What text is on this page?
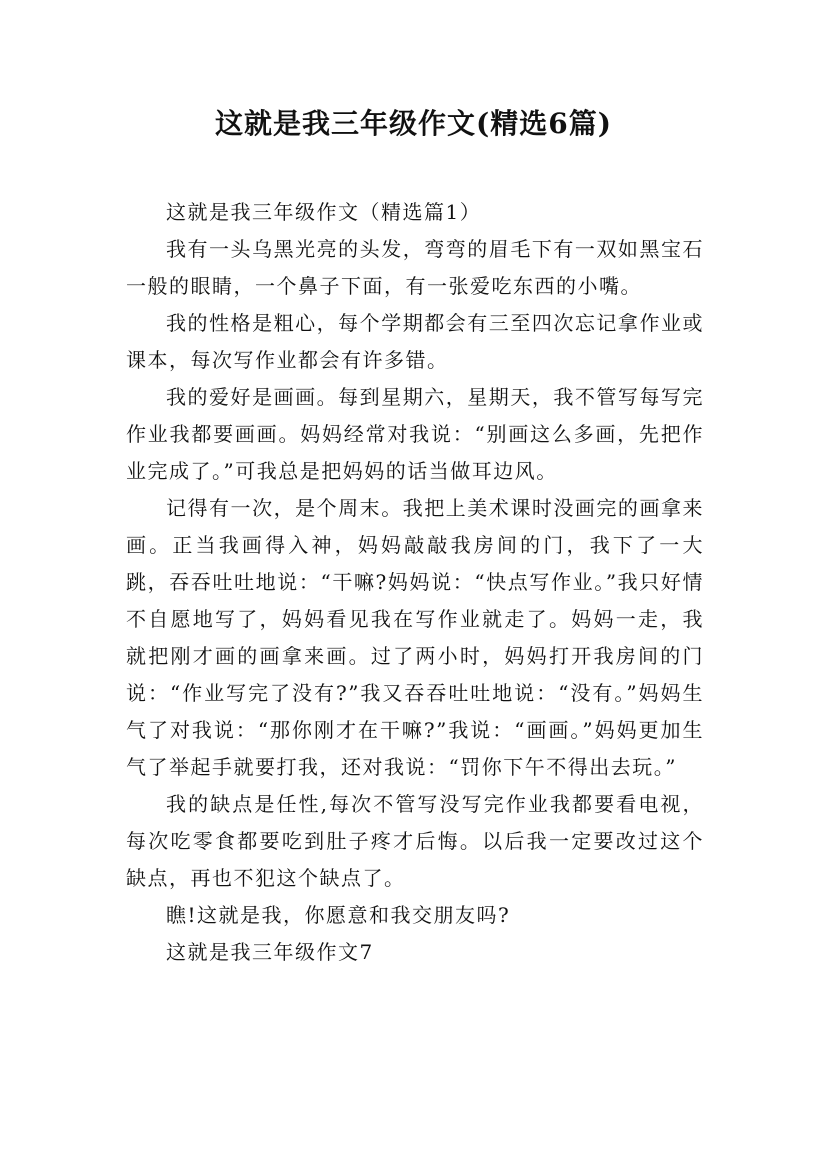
这就是我三年级作文(精选6篇)

这就是我三年级作文（精选篇1）

我有一头乌黑光亮的头发，弯弯的眉毛下有一双如黑宝石一般的眼睛，一个鼻子下面，有一张爱吃东西的小嘴。

我的性格是粗心，每个学期都会有三至四次忘记拿作业或课本，每次写作业都会有许多错。

我的爱好是画画。每到星期六，星期天，我不管写每写完作业我都要画画。妈妈经常对我说：“别画这么多画，先把作业完成了。”可我总是把妈妈的话当做耳边风。

记得有一次，是个周末。我把上美术课时没画完的画拿来画。正当我画得入神，妈妈敲敲我房间的门，我下了一大跳，吞吞吐吐地说：“干嘛?妈妈说：“快点写作业。”我只好情不自愿地写了，妈妈看见我在写作业就走了。妈妈一走，我就把刚才画的画拿来画。过了两小时，妈妈打开我房间的门说：“作业写完了没有?”我又吞吞吐吐地说：“没有。”妈妈生气了对我说：“那你刚才在干嘛?”我说：“画画。”妈妈更加生气了举起手就要打我，还对我说：“罚你下午不得出去玩。”

我的缺点是任性,每次不管写没写完作业我都要看电视，每次吃零食都要吃到肚子疼才后悔。以后我一定要改过这个缺点，再也不犯这个缺点了。

瞧!这就是我，你愿意和我交朋友吗?

这就是我三年级作文7
